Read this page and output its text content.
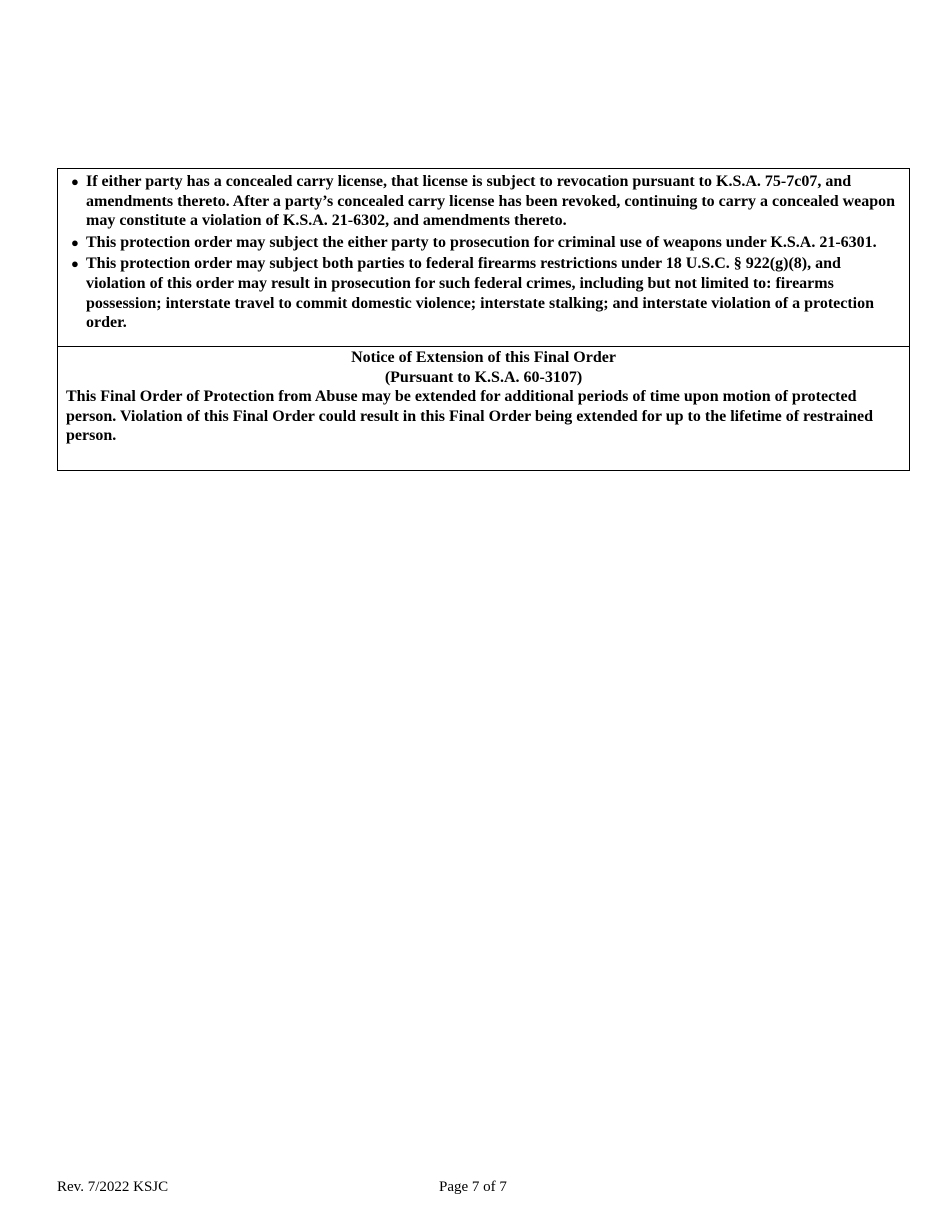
● If either party has a concealed carry license, that license is subject to revocation pursuant to K.S.A. 75-7c07, and amendments thereto. After a party’s concealed carry license has been revoked, continuing to carry a concealed weapon may constitute a violation of K.S.A. 21-6302, and amendments thereto.
● This protection order may subject the either party to prosecution for criminal use of weapons under K.S.A. 21-6301.
● This protection order may subject both parties to federal firearms restrictions under 18 U.S.C. § 922(g)(8), and violation of this order may result in prosecution for such federal crimes, including but not limited to: firearms possession; interstate travel to commit domestic violence; interstate stalking; and interstate violation of a protection order.
Notice of Extension of this Final Order
(Pursuant to K.S.A. 60-3107)

This Final Order of Protection from Abuse may be extended for additional periods of time upon motion of protected person. Violation of this Final Order could result in this Final Order being extended for up to the lifetime of restrained person.

Rev. 7/2022 KSJC	Page 7 of 7
